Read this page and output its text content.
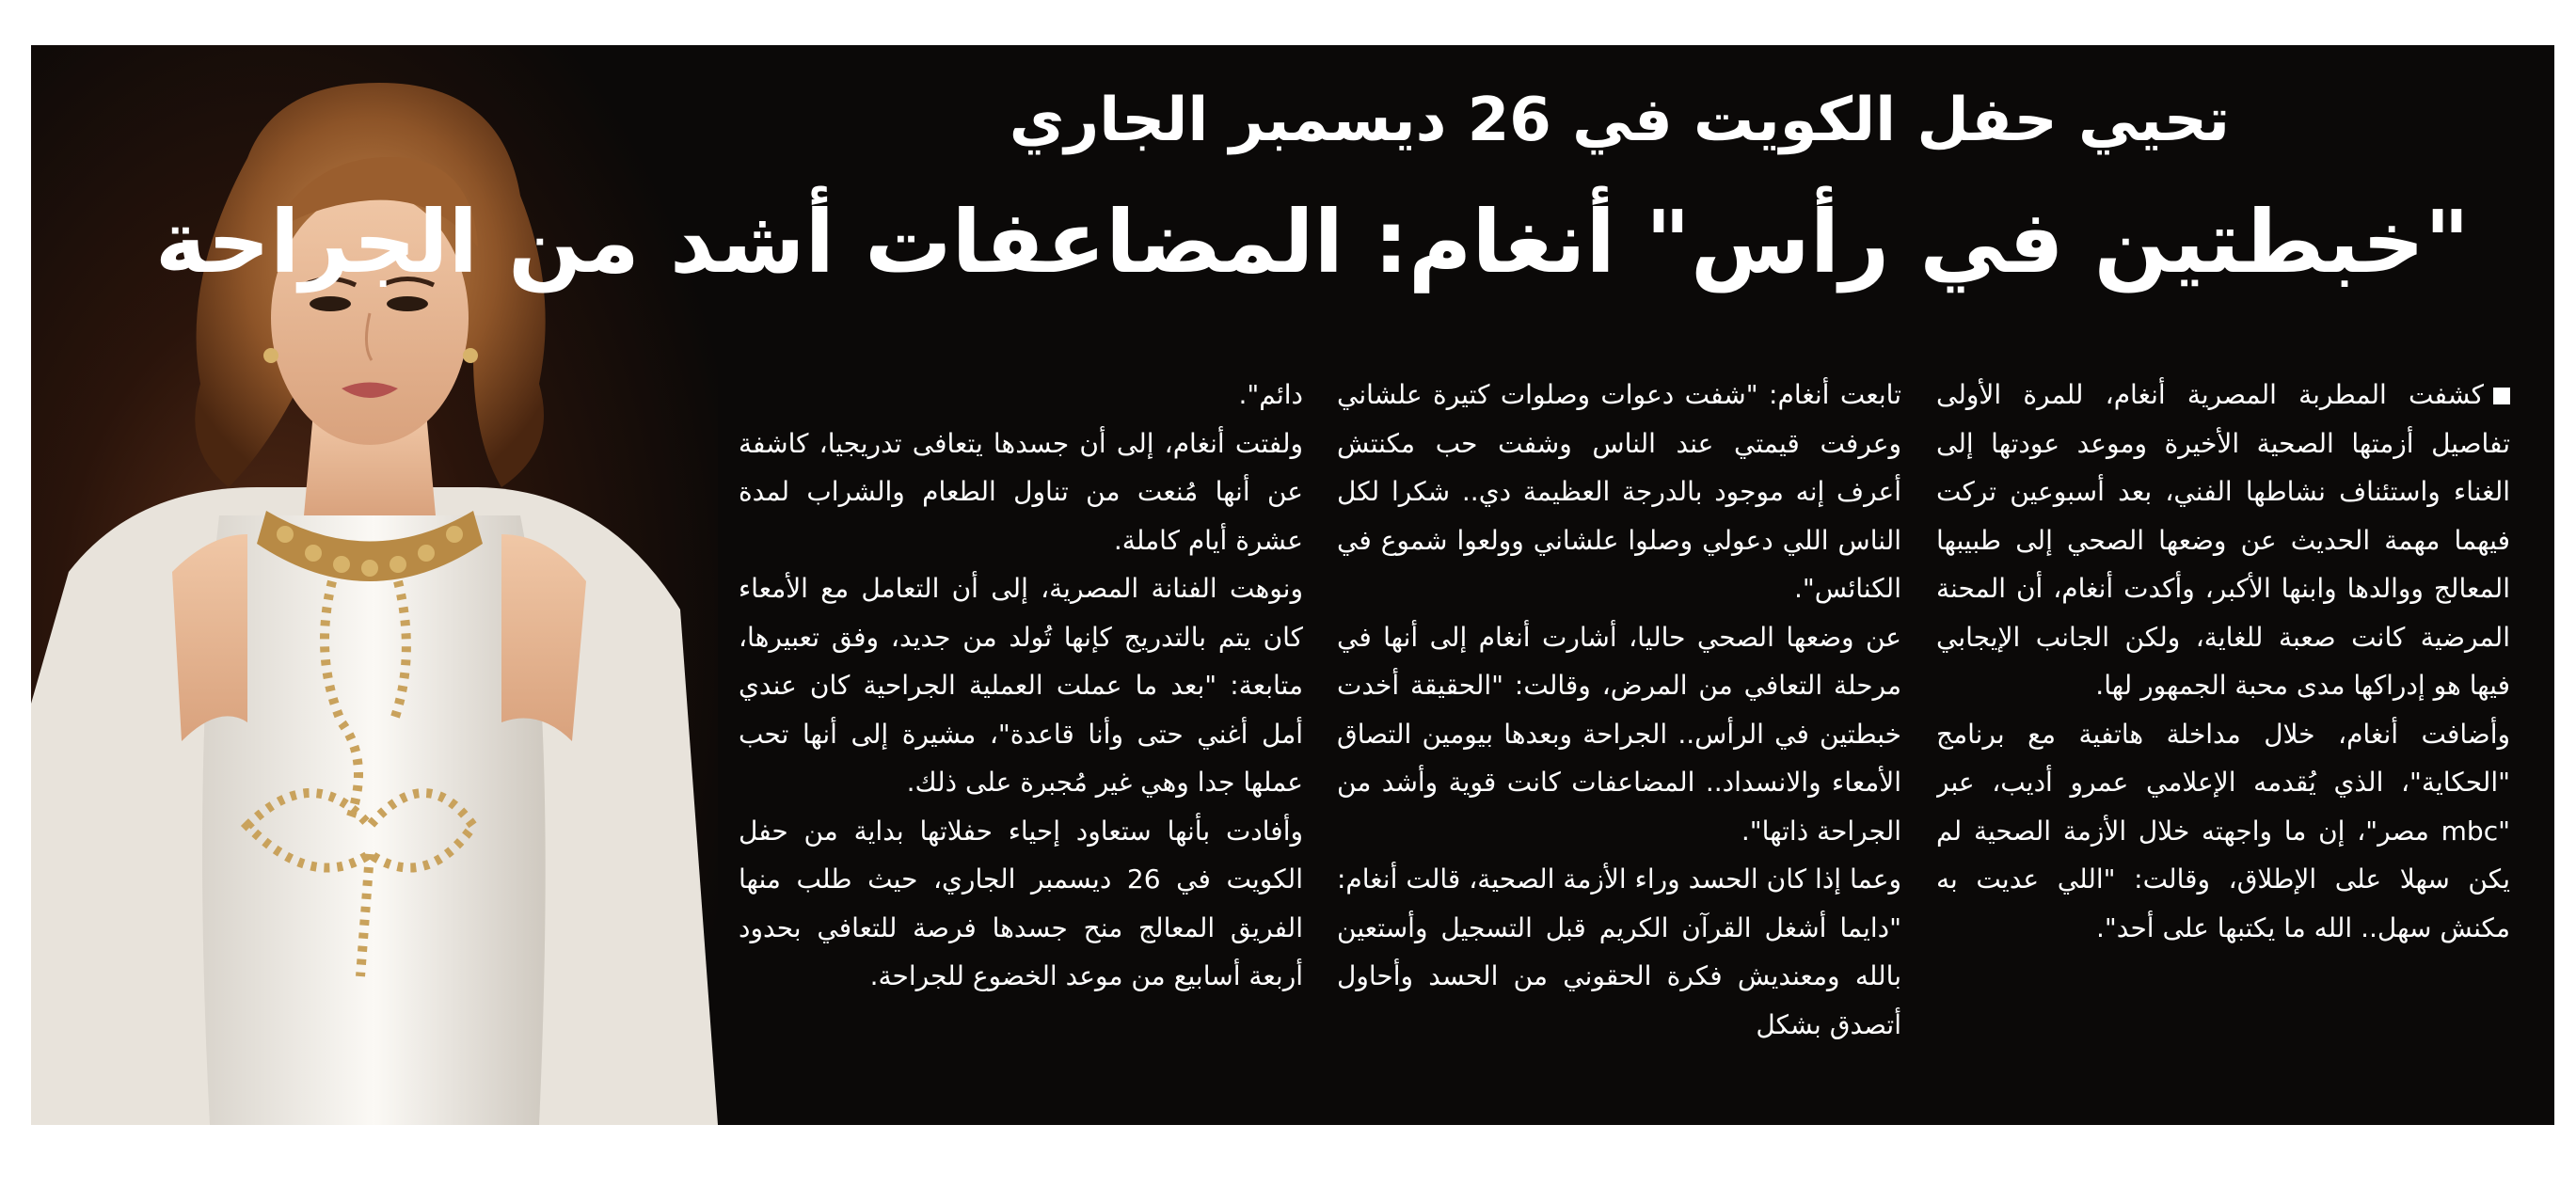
تحيي حفل الكويت في 26 ديسمبر الجاري
"خبطتين في رأس" أنغام: المضاعفات أشد من الجراحة

كشفت المطربة المصرية أنغام، للمرة الأولى تفاصيل أزمتها الصحية الأخيرة وموعد عودتها إلى الغناء واستئناف نشاطها الفني، بعد أسبوعين تركت فيهما مهمة الحديث عن وضعها الصحي إلى طبيبها المعالج ووالدها وابنها الأكبر، وأكدت أنغام، أن المحنة المرضية كانت صعبة للغاية، ولكن الجانب الإيجابي فيها هو إدراكها مدى محبة الجمهور لها.

وأضافت أنغام، خلال مداخلة هاتفية مع برنامج "الحكاية"، الذي يُقدمه الإعلامي عمرو أديب، عبر "mbc مصر"، إن ما واجهته خلال الأزمة الصحية لم يكن سهلا على الإطلاق، وقالت: "اللي عديت به مكنش سهل.. الله ما يكتبها على أحد".

تابعت أنغام: "شفت دعوات وصلوات كتيرة علشاني وعرفت قيمتي عند الناس وشفت حب مكنتش أعرف إنه موجود بالدرجة العظيمة دي.. شكرا لكل الناس اللي دعولي وصلوا علشاني وولعوا شموع في الكنائس".

عن وضعها الصحي حاليا، أشارت أنغام إلى أنها في مرحلة التعافي من المرض، وقالت: "الحقيقة أخدت خبطتين في الرأس.. الجراحة وبعدها بيومين التصاق الأمعاء والانسداد.. المضاعفات كانت قوية وأشد من الجراحة ذاتها".

وعما إذا كان الحسد وراء الأزمة الصحية، قالت أنغام: "دايما أشغل القرآن الكريم قبل التسجيل وأستعين بالله ومعنديش فكرة الحقوني من الحسد وأحاول أتصدق بشكل

دائم".

ولفتت أنغام، إلى أن جسدها يتعافى تدريجيا، كاشفة عن أنها مُنعت من تناول الطعام والشراب لمدة عشرة أيام كاملة.

ونوهت الفنانة المصرية، إلى أن التعامل مع الأمعاء كان يتم بالتدريج كإنها تُولد من جديد، وفق تعبيرها، متابعة: "بعد ما عملت العملية الجراحية كان عندي أمل أغني حتى وأنا قاعدة"، مشيرة إلى أنها تحب عملها جدا وهي غير مُجبرة على ذلك.

وأفادت بأنها ستعاود إحياء حفلاتها بداية من حفل الكويت في 26 ديسمبر الجاري، حيث طلب منها الفريق المعالج منح جسدها فرصة للتعافي بحدود أربعة أسابيع من موعد الخضوع للجراحة.
